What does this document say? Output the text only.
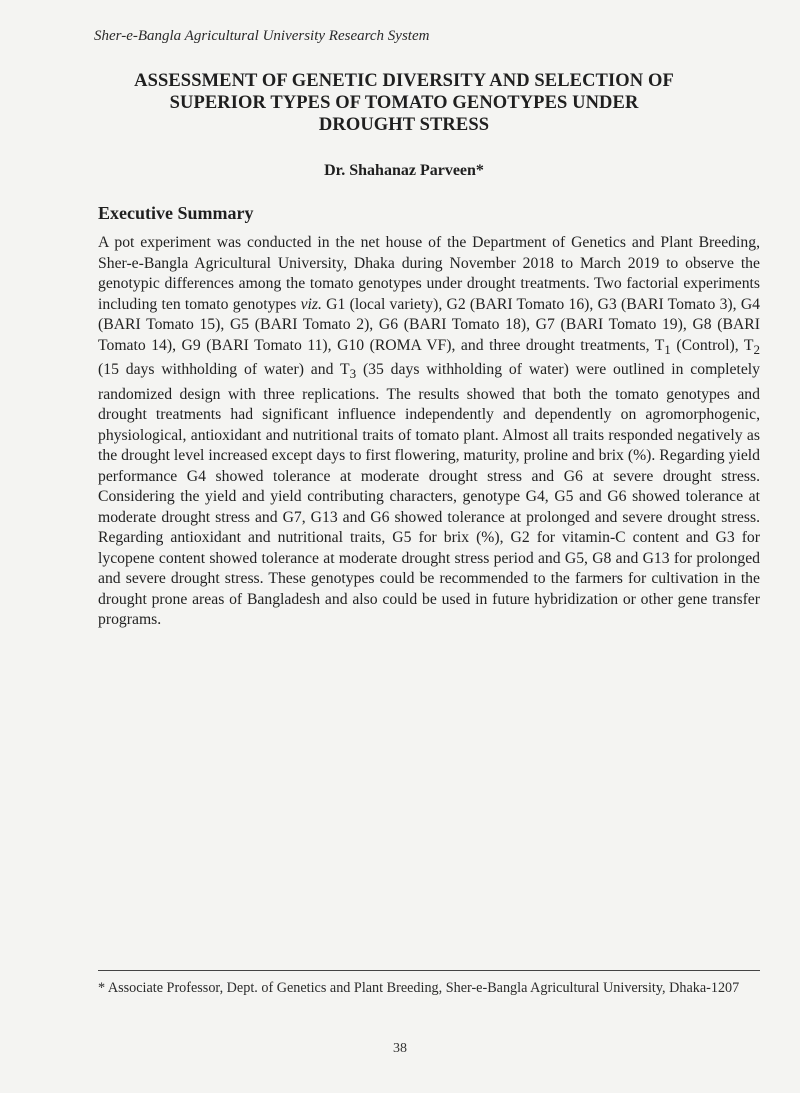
Sher-e-Bangla Agricultural University Research System
ASSESSMENT OF GENETIC DIVERSITY AND SELECTION OF
SUPERIOR TYPES OF TOMATO GENOTYPES UNDER
DROUGHT STRESS
Dr. Shahanaz Parveen*
Executive Summary

A pot experiment was conducted in the net house of the Department of Genetics and Plant Breeding, Sher-e-Bangla Agricultural University, Dhaka during November 2018 to March 2019 to observe the genotypic differences among the tomato genotypes under drought treatments. Two factorial experiments including ten tomato genotypes viz. G1 (local variety), G2 (BARI Tomato 16), G3 (BARI Tomato 3), G4 (BARI Tomato 15), G5 (BARI Tomato 2), G6 (BARI Tomato 18), G7 (BARI Tomato 19), G8 (BARI Tomato 14), G9 (BARI Tomato 11), G10 (ROMA VF), and three drought treatments, $T_1$ (Control), $T_2$ (15 days withholding of water) and $T_3$ (35 days withholding of water) were outlined in completely randomized design with three replications. The results showed that both the tomato genotypes and drought treatments had significant influence independently and dependently on agromorphogenic, physiological, antioxidant and nutritional traits of tomato plant. Almost all traits responded negatively as the drought level increased except days to first flowering, maturity, proline and brix (%). Regarding yield performance G4 showed tolerance at moderate drought stress and G6 at severe drought stress. Considering the yield and yield contributing characters, genotype G4, G5 and G6 showed tolerance at moderate drought stress and G7, G13 and G6 showed tolerance at prolonged and severe drought stress. Regarding antioxidant and nutritional traits, G5 for brix (%), G2 for vitamin-C content and G3 for lycopene content showed tolerance at moderate drought stress period and G5, G8 and G13 for prolonged and severe drought stress. These genotypes could be recommended to the farmers for cultivation in the drought prone areas of Bangladesh and also could be used in future hybridization or other gene transfer programs.

* Associate Professor, Dept. of Genetics and Plant Breeding, Sher-e-Bangla Agricultural University, Dhaka-1207

38
